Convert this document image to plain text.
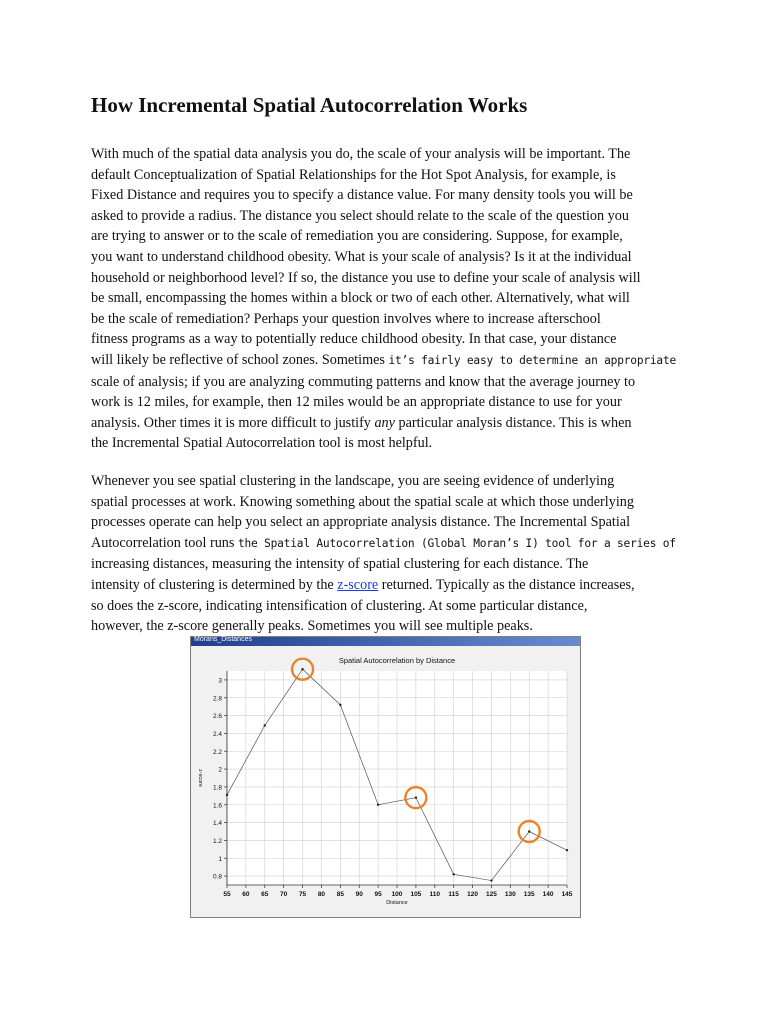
How Incremental Spatial Autocorrelation Works
With much of the spatial data analysis you do, the scale of your analysis will be important. The
default Conceptualization of Spatial Relationships for the Hot Spot Analysis, for example, is
Fixed Distance and requires you to specify a distance value. For many density tools you will be
asked to provide a radius. The distance you select should relate to the scale of the question you
are trying to answer or to the scale of remediation you are considering. Suppose, for example,
you want to understand childhood obesity. What is your scale of analysis? Is it at the individual
household or neighborhood level? If so, the distance you use to define your scale of analysis will
be small, encompassing the homes within a block or two of each other. Alternatively, what will
be the scale of remediation? Perhaps your question involves where to increase afterschool
fitness programs as a way to potentially reduce childhood obesity. In that case, your distance
will likely be reflective of school zones. Sometimes it’s fairly easy to determine an appropriate
scale of analysis; if you are analyzing commuting patterns and know that the average journey to
work is 12 miles, for example, then 12 miles would be an appropriate distance to use for your
analysis. Other times it is more difficult to justify any particular analysis distance. This is when
the Incremental Spatial Autocorrelation tool is most helpful.
Whenever you see spatial clustering in the landscape, you are seeing evidence of underlying
spatial processes at work. Knowing something about the spatial scale at which those underlying
processes operate can help you select an appropriate analysis distance. The Incremental Spatial
Autocorrelation tool runs the Spatial Autocorrelation (Global Moran’s I) tool for a series of
increasing distances, measuring the intensity of spatial clustering for each distance. The
intensity of clustering is determined by the z-score returned. Typically as the distance increases,
so does the z-score, indicating intensification of clustering. At some particular distance,
however, the z-score generally peaks. Sometimes you will see multiple peaks.
Morans_Distances
0.8
1
1.2
1.4
1.6
1.8
2
2.2
2.4
2.6
2.8
3
55 60 65 70 75 80 85 90 95 100 105 110 115 120 125 130 135 140 145
Spatial Autocorrelation by Distance
Distance
z-score
